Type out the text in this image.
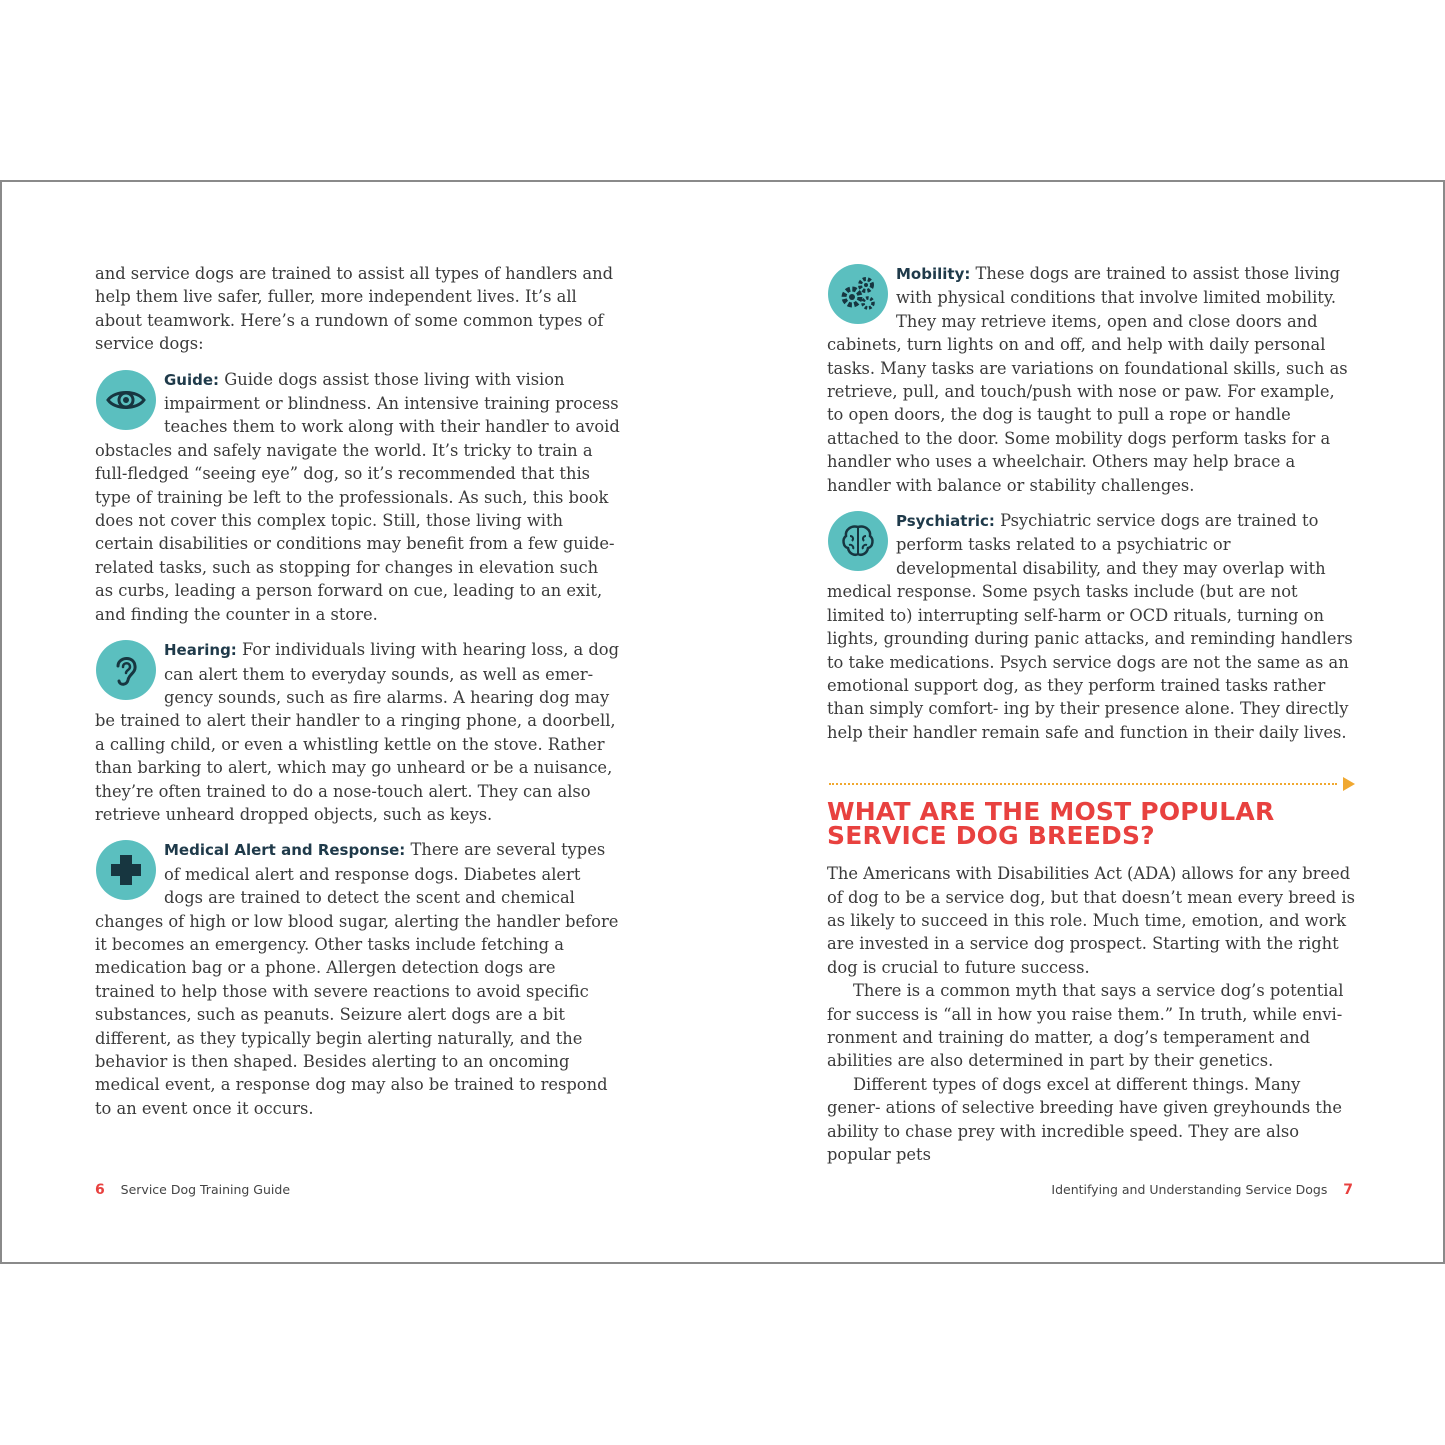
and service dogs are trained to assist all types of handlers and help them live safer, fuller, more independent lives. It’s all about teamwork. Here’s a rundown of some common types of service dogs:

Guide: Guide dogs assist those living with vision impairment or blindness. An intensive training process teaches them to work along with their handler to avoid obstacles and safely navigate the world. It’s tricky to train a full-fledged “seeing eye” dog, so it’s recommended that this type of training be left to the professionals. As such, this book does not cover this complex topic. Still, those living with certain disabilities or conditions may benefit from a few guide-related tasks, such as stopping for changes in elevation such as curbs, leading a person forward on cue, leading to an exit, and finding the counter in a store.
Hearing: For individuals living with hearing loss, a dog can alert them to everyday sounds, as well as emer- gency sounds, such as fire alarms. A hearing dog may be trained to alert their handler to a ringing phone, a doorbell, a calling child, or even a whistling kettle on the stove. Rather than barking to alert, which may go unheard or be a nuisance, they’re often trained to do a nose-touch alert. They can also retrieve unheard dropped objects, such as keys.
Medical Alert and Response: There are several types of medical alert and response dogs. Diabetes alert dogs are trained to detect the scent and chemical changes of high or low blood sugar, alerting the handler before it becomes an emergency. Other tasks include fetching a medication bag or a phone. Allergen detection dogs are trained to help those with severe reactions to avoid specific substances, such as peanuts. Seizure alert dogs are a bit different, as they typically begin alerting naturally, and the behavior is then shaped. Besides alerting to an oncoming medical event, a response dog may also be trained to respond to an event once it occurs.
Mobility: These dogs are trained to assist those living with physical conditions that involve limited mobility. They may retrieve items, open and close doors and cabinets, turn lights on and off, and help with daily personal tasks. Many tasks are variations on foundational skills, such as retrieve, pull, and touch/push with nose or paw. For example, to open doors, the dog is taught to pull a rope or handle attached to the door. Some mobility dogs perform tasks for a handler who uses a wheelchair. Others may help brace a handler with balance or stability challenges.
Psychiatric: Psychiatric service dogs are trained to perform tasks related to a psychiatric or developmental disability, and they may overlap with medical response. Some psych tasks include (but are not limited to) interrupting self-harm or OCD rituals, turning on lights, grounding during panic attacks, and reminding handlers to take medications. Psych service dogs are not the same as an emotional support dog, as they perform trained tasks rather than simply comfort- ing by their presence alone. They directly help their handler remain safe and function in their daily lives.
WHAT ARE THE MOST POPULAR
SERVICE DOG BREEDS?

The Americans with Disabilities Act (ADA) allows for any breed of dog to be a service dog, but that doesn’t mean every breed is as likely to succeed in this role. Much time, emotion, and work are invested in a service dog prospect. Starting with the right dog is crucial to future success.

There is a common myth that says a service dog’s potential for success is “all in how you raise them.” In truth, while envi- ronment and training do matter, a dog’s temperament and abilities are also determined in part by their genetics.

Different types of dogs excel at different things. Many gener- ations of selective breeding have given greyhounds the ability to chase prey with incredible speed. They are also popular pets

6 Service Dog Training Guide	Identifying and Understanding Service Dogs 7
